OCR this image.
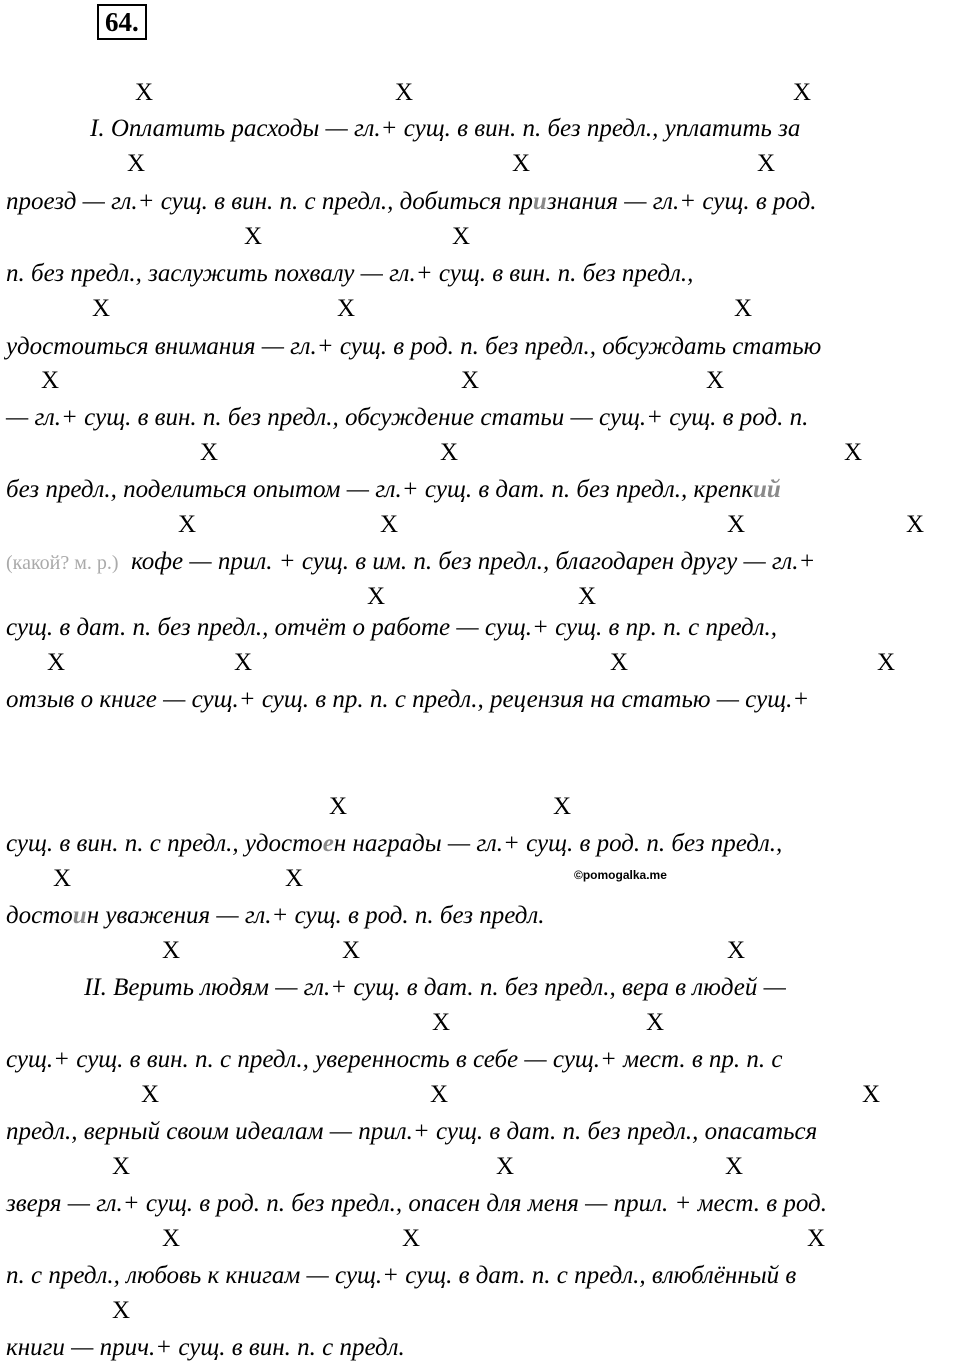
64.
X	X	X
I. Оплатить расходы — гл.+ сущ. в вин. п. без предл., уплатить за
X	X	X
проезд — гл.+ сущ. в вин. п. с предл., добиться признания — гл.+ сущ. в род.
X	X
п. без предл., заслужить похвалу — гл.+ сущ. в вин. п. без предл.,
X	X	X
удостоиться внимания — гл.+ сущ. в род. п. без предл., обсуждать статью
X	X	X
— гл.+ сущ. в вин. п. без предл., обсуждение статьи — сущ.+ сущ. в род. п.
X	X	X
без предл., поделиться опытом — гл.+ сущ. в дат. п. без предл., крепкий
X	X	X	X
(какой? м. р.) кофе — прил. + сущ. в им. п. без предл., благодарен другу — гл.+
X	X
сущ. в дат. п. без предл., отчёт о работе — сущ.+ сущ. в пр. п. с предл.,
X	X	X	X
отзыв о книге — сущ.+ сущ. в пр. п. с предл., рецензия на статью — сущ.+
X	X
сущ. в вин. п. с предл., удостоен награды — гл.+ сущ. в род. п. без предл.,
X	X	©pomogalka.me
достоин уважения — гл.+ сущ. в род. п. без предл.
X	X	X
II. Верить людям — гл.+ сущ. в дат. п. без предл., вера в людей —
X	X
сущ.+ сущ. в вин. п. с предл., уверенность в себе — сущ.+ мест. в пр. п. с
X	X	X
предл., верный своим идеалам — прил.+ сущ. в дат. п. без предл., опасаться
X	X	X
зверя — гл.+ сущ. в род. п. без предл., опасен для меня — прил. + мест. в род.
X	X	X
п. с предл., любовь к книгам — сущ.+ сущ. в дат. п. с предл., влюблённый в
X
книги — прич.+ сущ. в вин. п. с предл.
